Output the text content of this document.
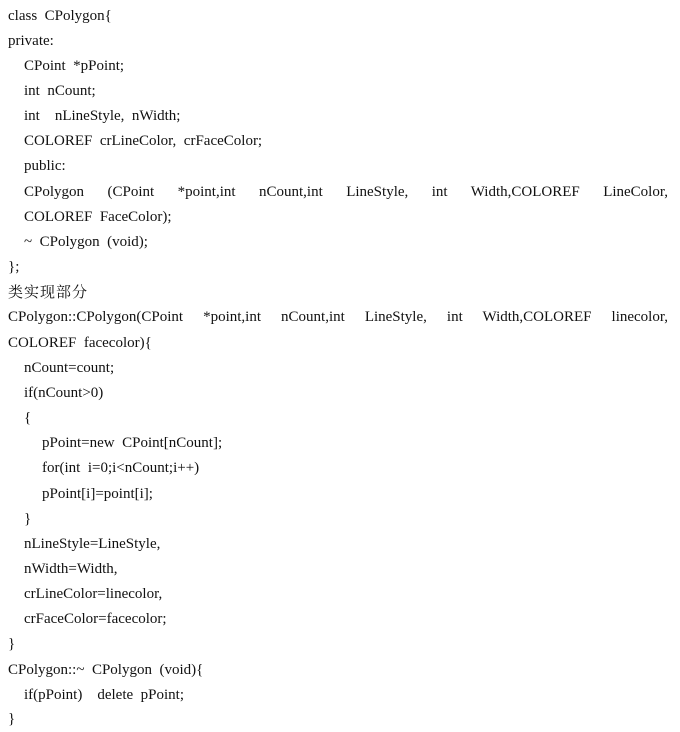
class  CPolygon{
private:
CPoint  *pPoint;
int  nCount;
int    nLineStyle,  nWidth;
COLOREF  crLineColor,  crFaceColor;
public:
CPolygon (CPoint *point,int nCount,int LineStyle, int Width,COLOREF LineColor,
COLOREF  FaceColor);
~  CPolygon  (void);
};
类实现部分
CPolygon::CPolygon(CPoint *point,int nCount,int LineStyle, int Width,COLOREF linecolor,
COLOREF  facecolor){
nCount=count;
if(nCount>0)
{
pPoint=new  CPoint[nCount];
for(int  i=0;i<nCount;i++)
pPoint[i]=point[i];
}
nLineStyle=LineStyle,
nWidth=Width,
crLineColor=linecolor,
crFaceColor=facecolor;
}
CPolygon::~  CPolygon  (void){
if(pPoint)    delete  pPoint;
}
